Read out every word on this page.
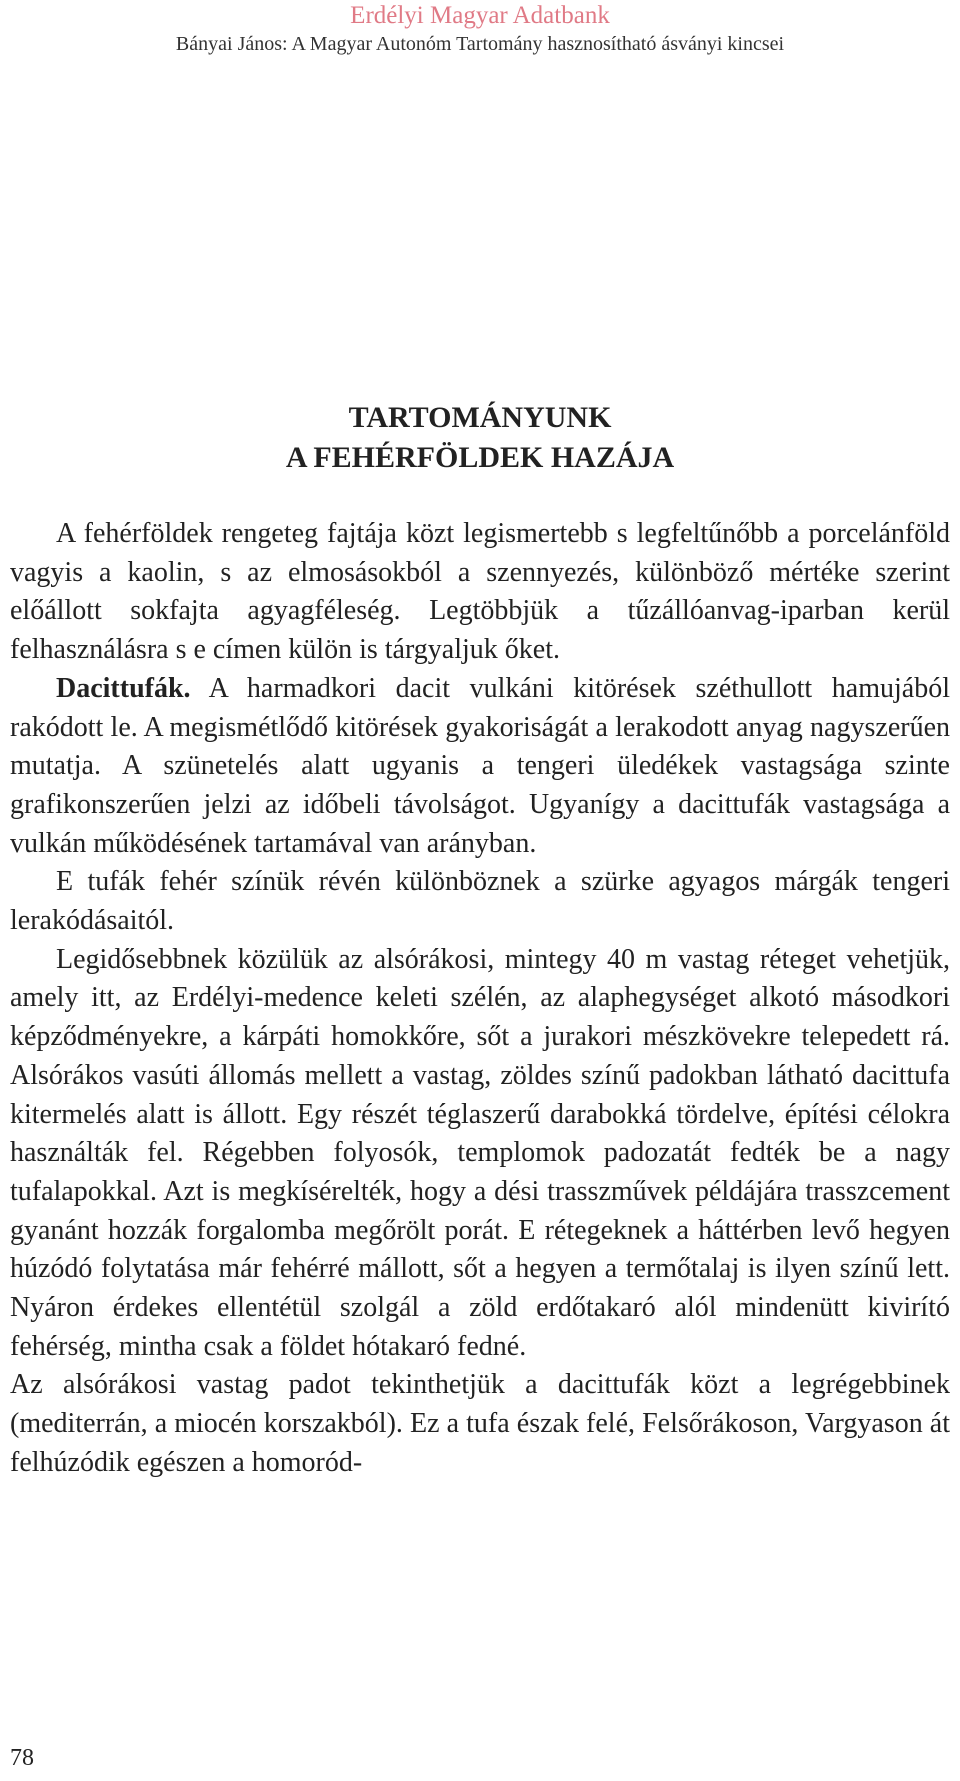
Erdélyi Magyar Adatbank
Bányai János: A Magyar Autonóm Tartomány hasznosítható ásványi kincsei
TARTOMÁNYUNK
A FEHÉRFÖLDEK HAZÁJA

A fehérföldek rengeteg fajtája közt legismertebb s legfeltűnőbb a porcelánföld vagyis a kaolin, s az elmosásokból a szennyezés, különböző mértéke szerint előállott sokfajta agyagféleség. Legtöbbjük a tűzállóanvag-iparban kerül felhasználásra s e címen külön is tárgyaljuk őket.

Dacittufák. A harmadkori dacit vulkáni kitörések széthullott hamujából rakódott le. A megismétlődő kitörések gyakoriságát a lerakodott anyag nagyszerűen mutatja. A szünetelés alatt ugyanis a tengeri üledékek vastagsága szinte grafikonszerűen jelzi az időbeli távolságot. Ugyanígy a dacittufák vastagsága a vulkán működésének tartamával van arányban.

E tufák fehér színük révén különböznek a szürke agyagos márgák tengeri lerakódásaitól.

Legidősebbnek közülük az alsórákosi, mintegy 40 m vastag réteget vehetjük, amely itt, az Erdélyi-medence keleti szélén, az alaphegységet alkotó másodkori képződményekre, a kárpáti homokkőre, sőt a jurakori mészkövekre telepedett rá. Alsórákos vasúti állomás mellett a vastag, zöldes színű padokban látható dacittufa kitermelés alatt is állott. Egy részét téglaszerű darabokká tördelve, építési célokra használták fel. Régebben folyosók, templomok padozatát fedték be a nagy tufalapokkal. Azt is megkísérelték, hogy a dési trasszművek példájára trasszcement gyanánt hozzák forgalomba megőrölt porát. E rétegeknek a háttérben levő hegyen húzódó folytatása már fehérré mállott, sőt a hegyen a termőtalaj is ilyen színű lett. Nyáron érdekes ellentétül szolgál a zöld erdőtakaró alól mindenütt kivirító fehérség, mintha csak a földet hótakaró fedné.

Az alsórákosi vastag padot tekinthetjük a dacittufák közt a legrégebbinek (mediterrán, a miocén korszakból). Ez a tufa észak felé, Felsőrákoson, Vargyason át felhúzódik egészen a homoród-

78
